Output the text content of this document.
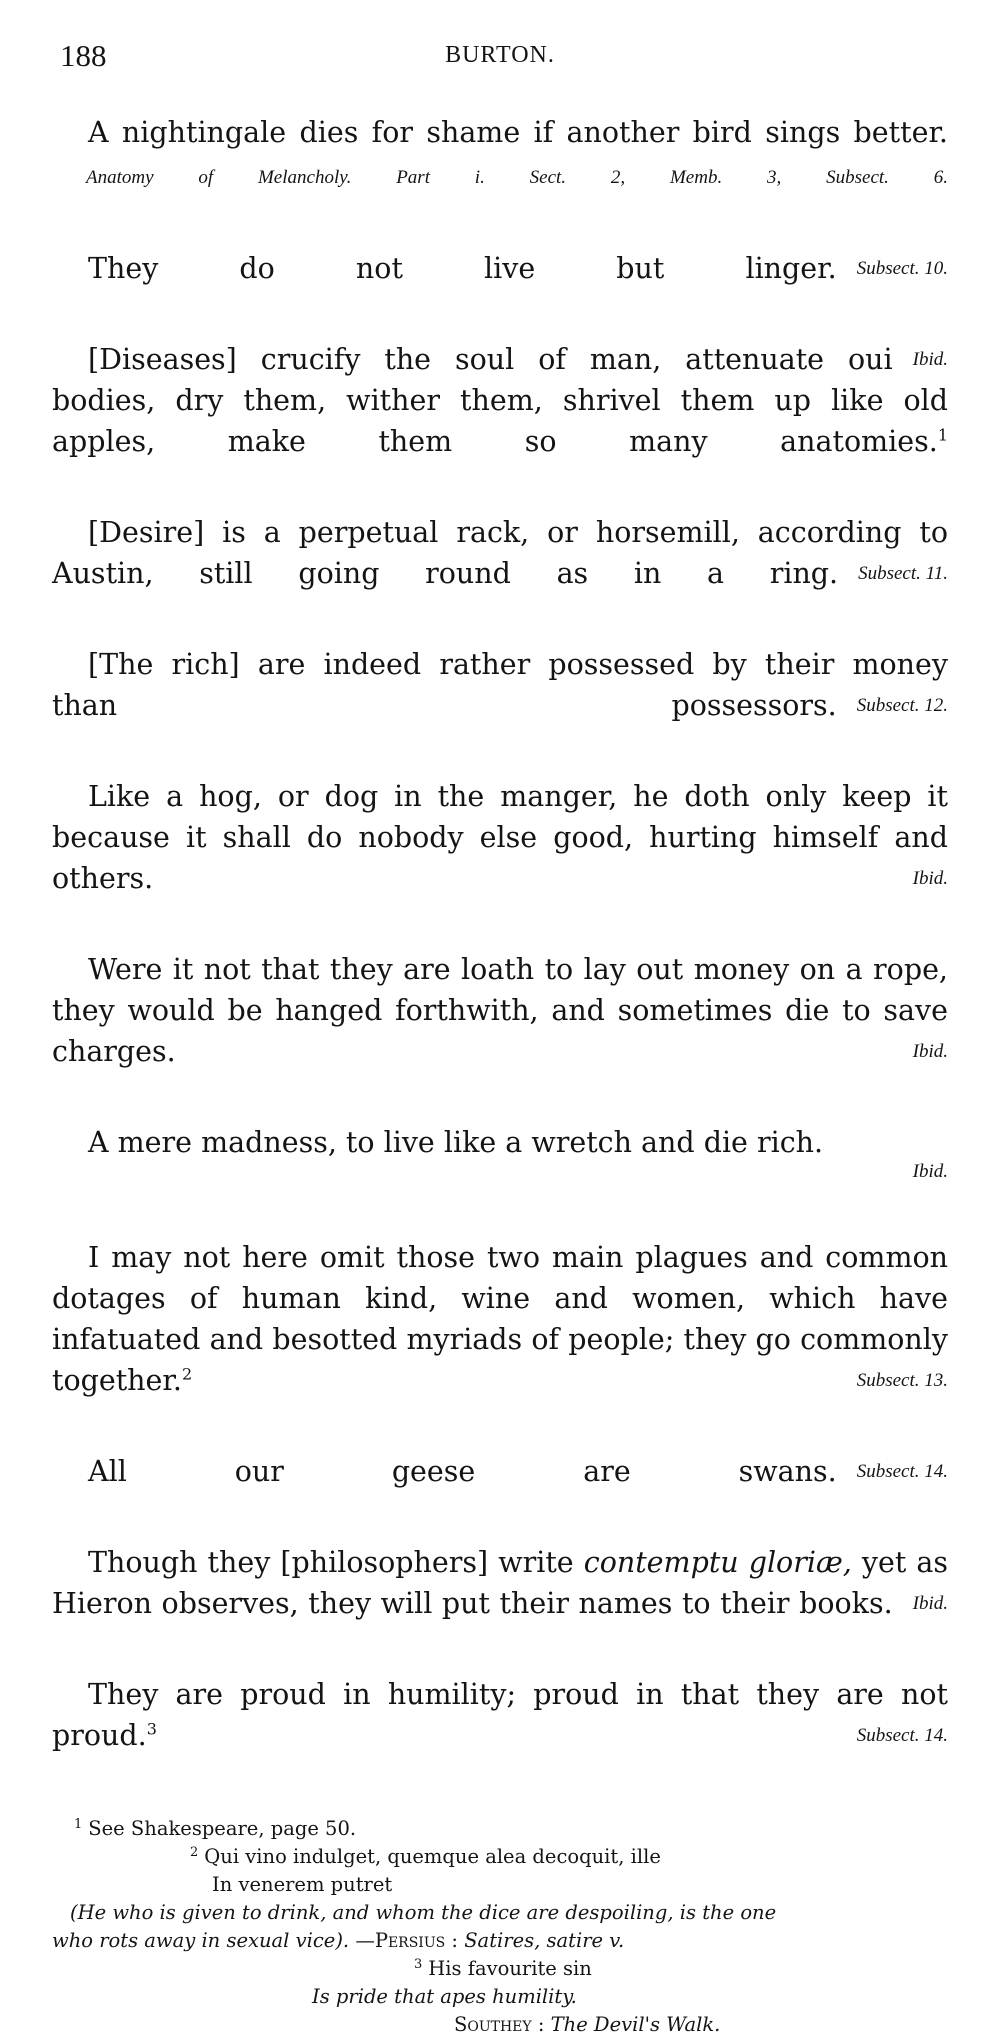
188	BURTON.

A nightingale dies for shame if another bird sings better. Anatomy of Melancholy. Part i. Sect. 2, Memb. 3, Subsect. 6.

Subsect. 10.
They do not live but linger.

Ibid.
[Diseases] crucify the soul of man, attenuate oui bodies, dry them, wither them, shrivel them up like old apples, make them so many anatomies.$^1$

[Desire] is a perpetual rack, or horsemill, according to Austin, still going round as in a ring. Subsect. 11.

[The rich] are indeed rather possessed by their money than possessors. Subsect. 12.

Like a hog, or dog in the manger, he doth only keep it because it shall do nobody else good, hurting himself and others.	Ibid.

Were it not that they are loath to lay out money on a rope, they would be hanged forthwith, and sometimes die to save charges.	Ibid.

A mere madness, to live like a wretch and die rich.
Ibid.

I may not here omit those two main plagues and common dotages of human kind, wine and women, which have infatuated and besotted myriads of people; they go commonly together.$^2$	Subsect. 13.

Subsect. 14.
All our geese are swans.

Though they [philosophers] write contemptu gloriæ, yet as Hieron observes, they will put their names to their books. Ibid.

They are proud in humility; proud in that they are not proud.$^3$	Subsect. 14.

$^1$ See Shakespeare, page 50.

$^2$ Qui vino indulget, quemque alea decoquit, ille

In venerem putret

(He who is given to drink, and whom the dice are despoiling, is the one

who rots away in sexual vice). —Persius : Satires, satire v.

$^3$ His favourite sin

Is pride that apes humility.

Southey : The Devil's Walk.
